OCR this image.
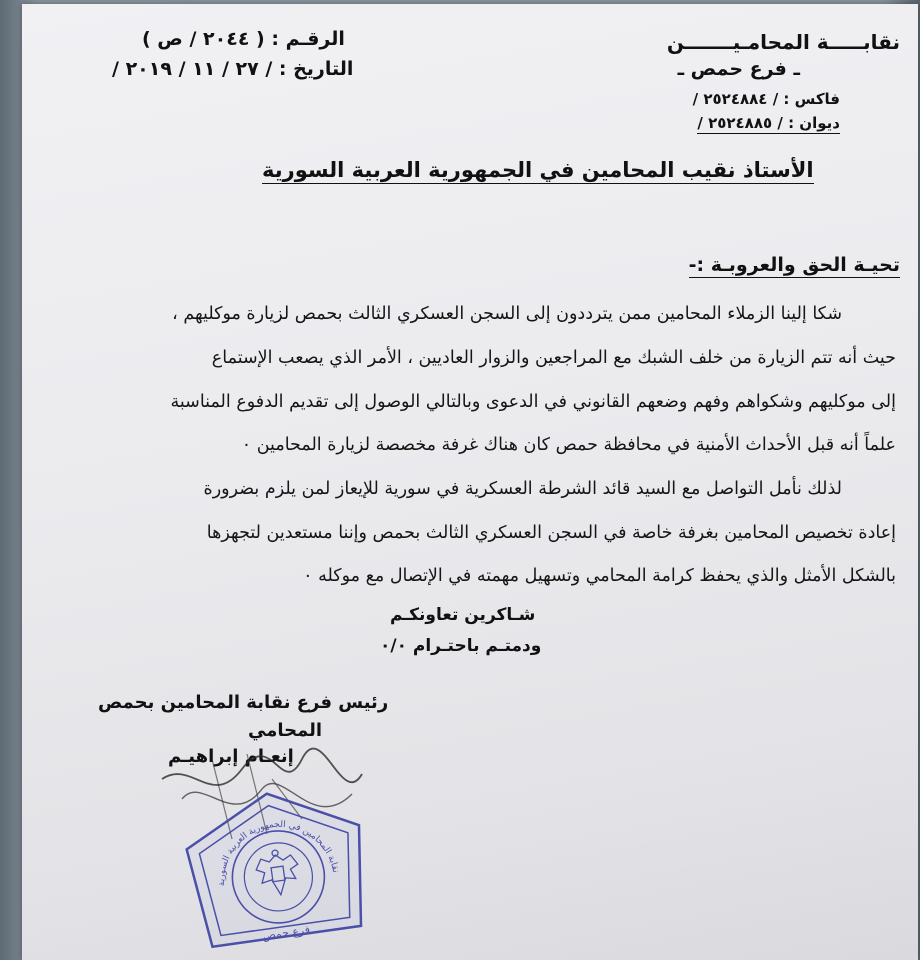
نقابـــــة المحامـيـــــــن
ـ فرع حمص ـ
فاكس : / ٢٥٢٤٨٨٤ /
ديوان : / ٢٥٢٤٨٨٥ /
الرقـم : ( ٢٠٤٤ / ص )
التاريخ : / ٢٧ / ١١ / ٢٠١٩ /
الأستاذ نقيب المحامين في الجمهورية العربية السورية
تحيـة الحق والعروبـة :-
شكا إلينا الزملاء المحامين ممن يترددون إلى السجن العسكري الثالث بحمص لزيارة موكليهم ،
حيث أنه تتم الزيارة من خلف الشبك مع المراجعين والزوار العاديين ، الأمر الذي يصعب الإستماع
إلى موكليهم وشكواهم وفهم وضعهم القانوني في الدعوى وبالتالي الوصول إلى تقديم الدفوع المناسبة
علماً أنه قبل الأحداث الأمنية في محافظة حمص كان هناك غرفة مخصصة لزيارة المحامين ٠
لذلك نأمل التواصل مع السيد قائد الشرطة العسكرية في سورية للإيعاز لمن يلزم بضرورة
إعادة تخصيص المحامين بغرفة خاصة في السجن العسكري الثالث بحمص وإننا مستعدين لتجهزها
بالشكل الأمثل والذي يحفظ كرامة المحامي وتسهيل مهمته في الإتصال مع موكله ٠
شـاكرين تعاونكـم
ودمتـم باحتـرام ٠/٠
رئيس فرع نقابة المحامين بحمص
المحامي
إنعـام إبراهيـم
نقابة المحامين في الجمهورية العربية السورية
فرع حمص
